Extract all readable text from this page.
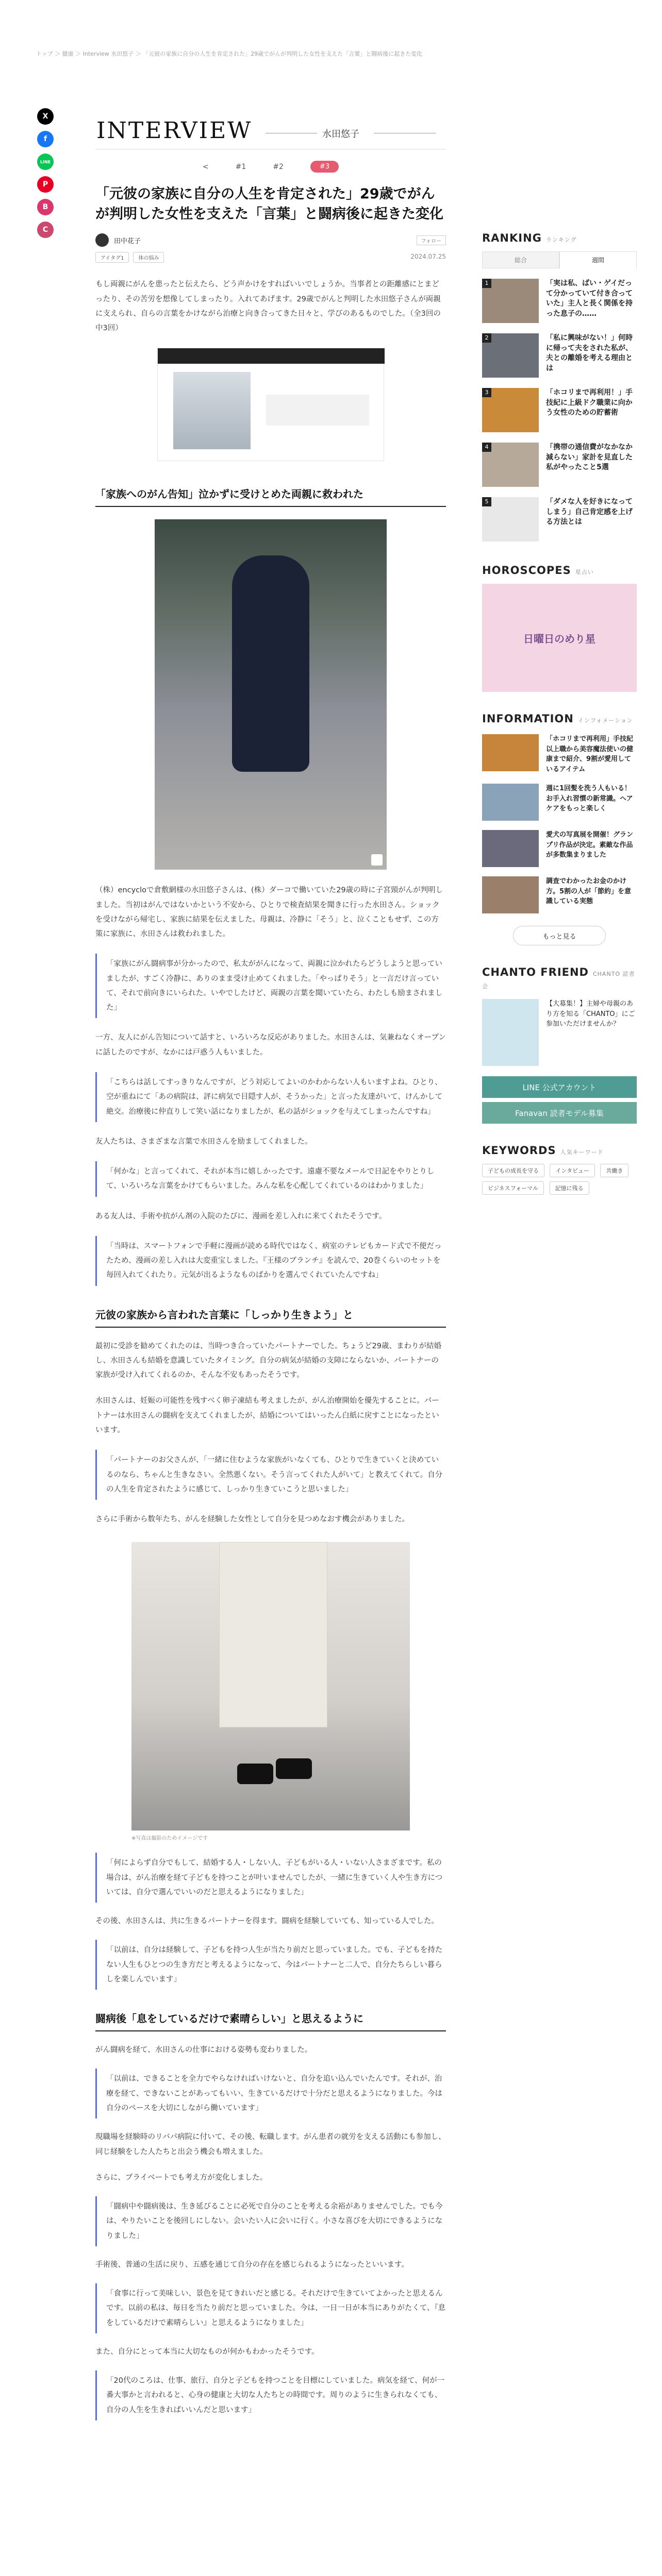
トップ ＞ 健康 ＞ Interview 水田悠子 ＞ 「元彼の家族に自分の人生を肯定された」29歳でがんが判明した女性を支えた「言葉」と闘病後に起きた変化
X
f
LINE
P
B
C
INTERVIEW	水田悠子
<	#1	#2	#3
「元彼の家族に自分の人生を肯定された」29歳でがんが判明した女性を支えた「言葉」と闘病後に起きた変化
田中花子	フォロー
アイタグ1	体の悩み	2024.07.25
もし両親にがんを患ったと伝えたら、どう声かけをすればいいでしょうか。当事者との距離感にとまどったり、その苦労を想像してしまったり。入れてあげます。29歳でがんと判明した水田悠子さんが両親に支えられ、自らの言葉をかけながら治療と向き合ってきた日々と、学びのあるものでした。（全3回の中3回）
「家族へのがん告知」泣かずに受けとめた両親に救われた
（株）encycloで倉敷網様の水田悠子さんは、(株）ダーコで働いていた29歳の時に子宮頸がんが判明しました。当初はがんではないかという不安から、ひとりで検査結果を聞きに行った水田さん。ショックを受けながら帰宅し、家族に結果を伝えました。母親は、冷静に「そう」と、泣くこともせず、この方策に家族に、水田さんは救われました。
「家族にがん闘病事が分かったので、私太ががんになって、両親に泣かれたらどうしようと思っていましたが、すごく冷静に、ありのまま受け止めてくれました。「やっぱりそう」と一言だけ言っていて、それで前向きにいられた。いやでしたけど、両親の言葉を聞いていたら、わたしも励まされました」
一方、友人にがん告知について話すと、いろいろな反応がありました。水田さんは、気兼ねなくオープンに話したのですが、なかには戸惑う人もいました。
「こちらは話してすっきりなんですが、どう対応してよいのかわからない人もいますよね。ひとり、空が重ねにて「あの病院は、評に病気で目隠す人が、そうかった」と言った友達がいて、けんかして絶交。治療後に仲直りして笑い話になりましたが、私の話がショックを与えてしまったんですね」
友人たちは、さまざまな言葉で水田さんを励ましてくれました。
「何かな」と言ってくれて、それが本当に嬉しかったです。遠慮不要なメールで日記をやりとりして、いろいろな言葉をかけてもらいました。みんな私を心配してくれているのはわかりました」
ある友人は、手術や抗がん剤の入院のたびに、漫画を差し入れに来てくれたそうです。
「当時は、スマートフォンで手軽に漫画が読める時代ではなく、病室のテレビもカード式で不便だったため、漫画の差し入れは大変重宝しました。『王様のブランチ』を読んで、20巻くらいのセットを毎回入れてくれたり。元気が出るようなものばかりを選んでくれていたんですね」
元彼の家族から言われた言葉に「しっかり生きよう」と
最初に受診を勧めてくれたのは、当時つき合っていたパートナーでした。ちょうど29歳、まわりが結婚し、水田さんも結婚を意識していたタイミング。自分の病気が結婚の支障にならないか、パートナーの家族が受け入れてくれるのか、そんな不安もあったそうです。
水田さんは、妊娠の可能性を残すべく卵子凍結も考えましたが、がん治療開始を優先することに。パートナーは水田さんの闘病を支えてくれましたが、結婚についてはいったん白紙に戻すことになったといいます。
「パートナーのお父さんが、「一緒に住むような家族がいなくても、ひとりで生きていくと決めているのなら、ちゃんと生きなさい。全然悪くない。そう言ってくれた人がいて」と教えてくれて。自分の人生を肯定されたように感じて、しっかり生きていこうと思いました」
さらに手術から数年たち、がんを経験した女性として自分を見つめなおす機会がありました。
※写真は撮影のためイメージです
「何によらず自分でもして、結婚する人・しない人、子どもがいる人・いない人さまざまです。私の場合は、がん治療を経て子どもを持つことが叶いませんでしたが、一緒に生きていく人や生き方については、自分で選んでいいのだと思えるようになりました」
その後、水田さんは、共に生きるパートナーを得ます。闘病を経験していても、知っている人でした。
「以前は、自分は経験して、子どもを持つ人生が当たり前だと思っていました。でも、子どもを持たない人生もひとつの生き方だと考えるようになって、今はパートナーと二人で、自分たちらしい暮らしを楽しんでいます」
闘病後「息をしているだけで素晴らしい」と思えるように
がん闘病を経て、水田さんの仕事における姿勢も変わりました。
「以前は、できることを全力でやらなければいけないと、自分を追い込んでいたんです。それが、治療を経て、できないことがあってもいい、生きているだけで十分だと思えるようになりました。今は自分のペースを大切にしながら働いています」
現職場を経験時のリバパ病院に付いて、その後、転職します。がん患者の就労を支える活動にも参加し、同じ経験をした人たちと出会う機会も増えました。
さらに、プライベートでも考え方が変化しました。
「闘病中や闘病後は、生き延びることに必死で自分のことを考える余裕がありませんでした。でも今は、やりたいことを後回しにしない。会いたい人に会いに行く。小さな喜びを大切にできるようになりました」
手術後、普通の生活に戻り、五感を通じて自分の存在を感じられるようになったといいます。
「食事に行って美味しい、景色を見てきれいだと感じる。それだけで生きていてよかったと思えるんです。以前の私は、毎日を当たり前だと思っていました。今は、一日一日が本当にありがたくて、『息をしているだけで素晴らしい』と思えるようになりました」
また、自分にとって本当に大切なものが何かもわかったそうです。
「20代のころは、仕事、旅行、自分と子どもを持つことを目標にしていました。病気を経て、何が一番大事かと言われると、心身の健康と大切な人たちとの時間です。周りのように生きられなくても、自分の人生を生きればいいんだと思います」
RANKING ランキング
総合	週間
1	「実は私、ばい・ゲイだって分かっていて付き合っていた」主人と長く関係を持った息子の……
2	「私に興味がない！」何時に帰って夫をされた私が、夫との離婚を考える理由とは
3	「ホコリまで再利用！」手技紀に上級ドク職業に向かう女性のための貯蓄術
4	「携帯の通信費がなかなか減らない」家計を見直した私がやったこと5選
5	「ダメな人を好きになってしまう」自己肯定感を上げる方法とは
HOROSCOPES 星占い
日曜日のめり星
INFORMATION インフォメーション
「ホコリまで再利用」手技紀以上職から美容魔法使いの健康まで紹介、9割が愛用しているアイテム
週に1回髪を洗う人もいる！お手入れ習慣の新常識。ヘアケアをもっと楽しく
愛犬の写真展を開催！グランプリ作品が決定。素敵な作品が多数集まりました
調査でわかったお金のかけ方。5割の人が「節約」を意識している実態
もっと見る
CHANTO FRIEND CHANTO 読者会
【大募集！】主婦や母親のあり方を知る「CHANTO」にご参加いただけませんか？
LINE 公式アカウント
Fanavan 読者モデル募集
KEYWORDS 人気キーワード
子どもの成長を守る	インタビュー	共働き ビジネスフォーマル	記憶に残る
